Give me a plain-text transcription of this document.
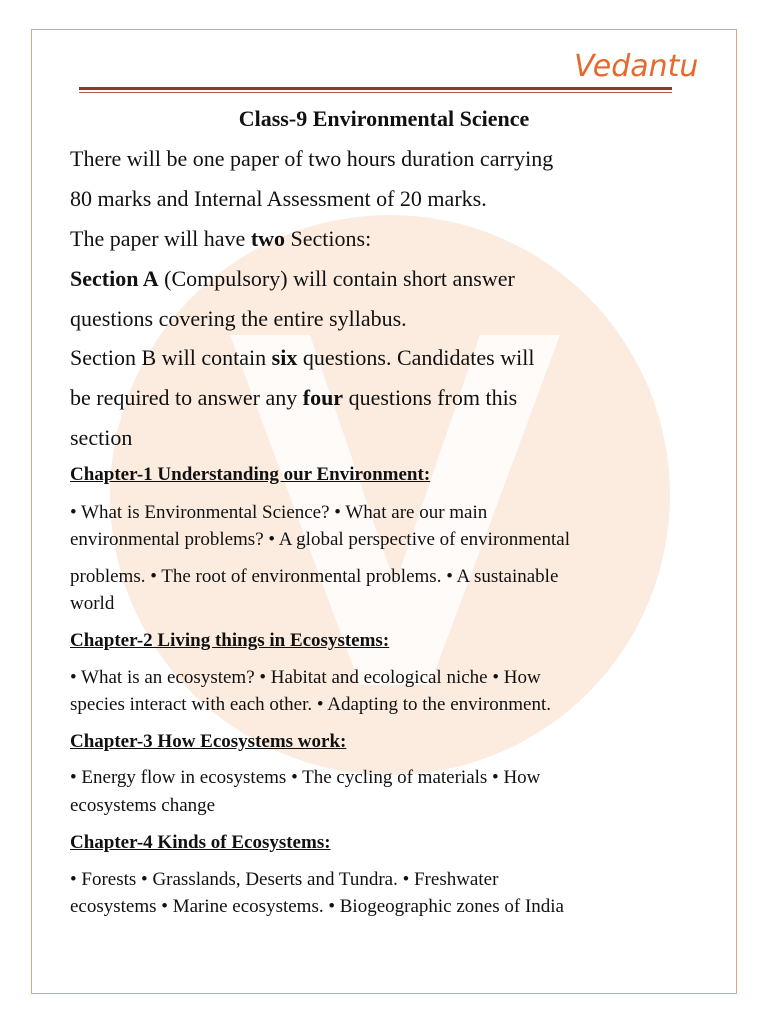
Vedantu
Class-9 Environmental Science
There will be one paper of two hours duration carrying
80 marks and Internal Assessment of 20 marks.
The paper will have two Sections:
Section A (Compulsory) will contain short answer
questions covering the entire syllabus.
Section B will contain six questions. Candidates will
be required to answer any four questions from this
section
Chapter-1 Understanding our Environment:
• What is Environmental Science? • What are our main
environmental problems? • A global perspective of environmental
problems. • The root of environmental problems. • A sustainable
world
Chapter-2 Living things in Ecosystems:
• What is an ecosystem? • Habitat and ecological niche • How
species interact with each other. • Adapting to the environment.
Chapter-3 How Ecosystems work:
• Energy flow in ecosystems • The cycling of materials • How
ecosystems change
Chapter-4 Kinds of Ecosystems:
• Forests • Grasslands, Deserts and Tundra. • Freshwater
ecosystems • Marine ecosystems. • Biogeographic zones of India
